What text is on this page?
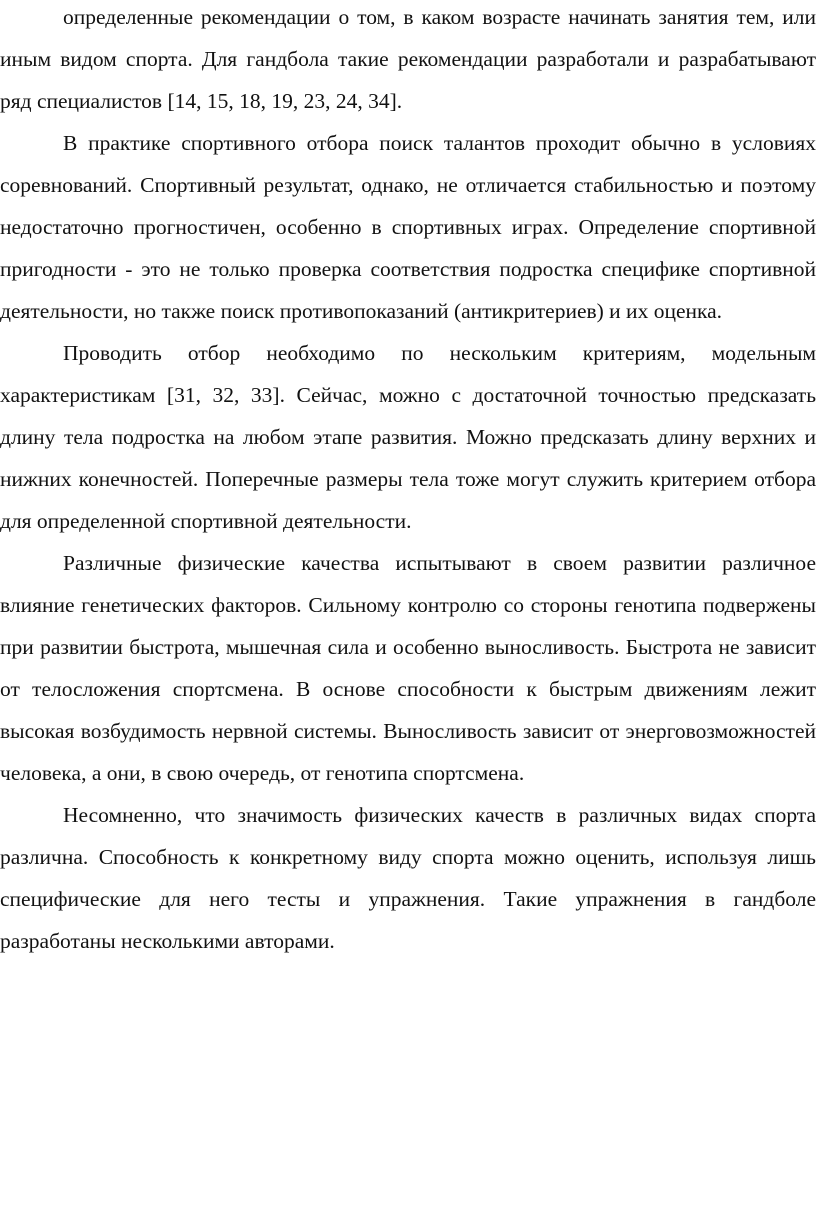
определенные рекомендации о том, в каком возрасте начинать занятия тем, или иным видом спорта. Для гандбола такие рекомендации разработали и разрабатывают ряд специалистов [14, 15, 18, 19, 23, 24, 34].

В практике спортивного отбора поиск талантов проходит обычно в условиях соревнований. Спортивный результат, однако, не отличается стабильностью и поэтому недостаточно прогностичен, особенно в спортивных играх. Определение спортивной пригодности - это не только проверка соответствия подростка специфике спортивной деятельности, но также поиск противопоказаний (антикритериев) и их оценка.

Проводить отбор необходимо по нескольким критериям, модельным характеристикам [31, 32, 33]. Сейчас, можно с достаточной точностью предсказать длину тела подростка на любом этапе развития. Можно предсказать длину верхних и нижних конечностей. Поперечные размеры тела тоже могут служить критерием отбора для определенной спортивной деятельности.

Различные физические качества испытывают в своем развитии различное влияние генетических факторов. Сильному контролю со стороны генотипа подвержены при развитии быстрота, мышечная сила и особенно выносливость. Быстрота не зависит от телосложения спортсмена. В основе способности к быстрым движениям лежит высокая возбудимость нервной системы. Выносливость зависит от энерговозможностей человека, а они, в свою очередь, от генотипа спортсмена.

Несомненно, что значимость физических качеств в различных видах спорта различна. Способность к конкретному виду спорта можно оценить, используя лишь специфические для него тесты и упражнения. Такие упражнения в гандболе разработаны несколькими авторами.
